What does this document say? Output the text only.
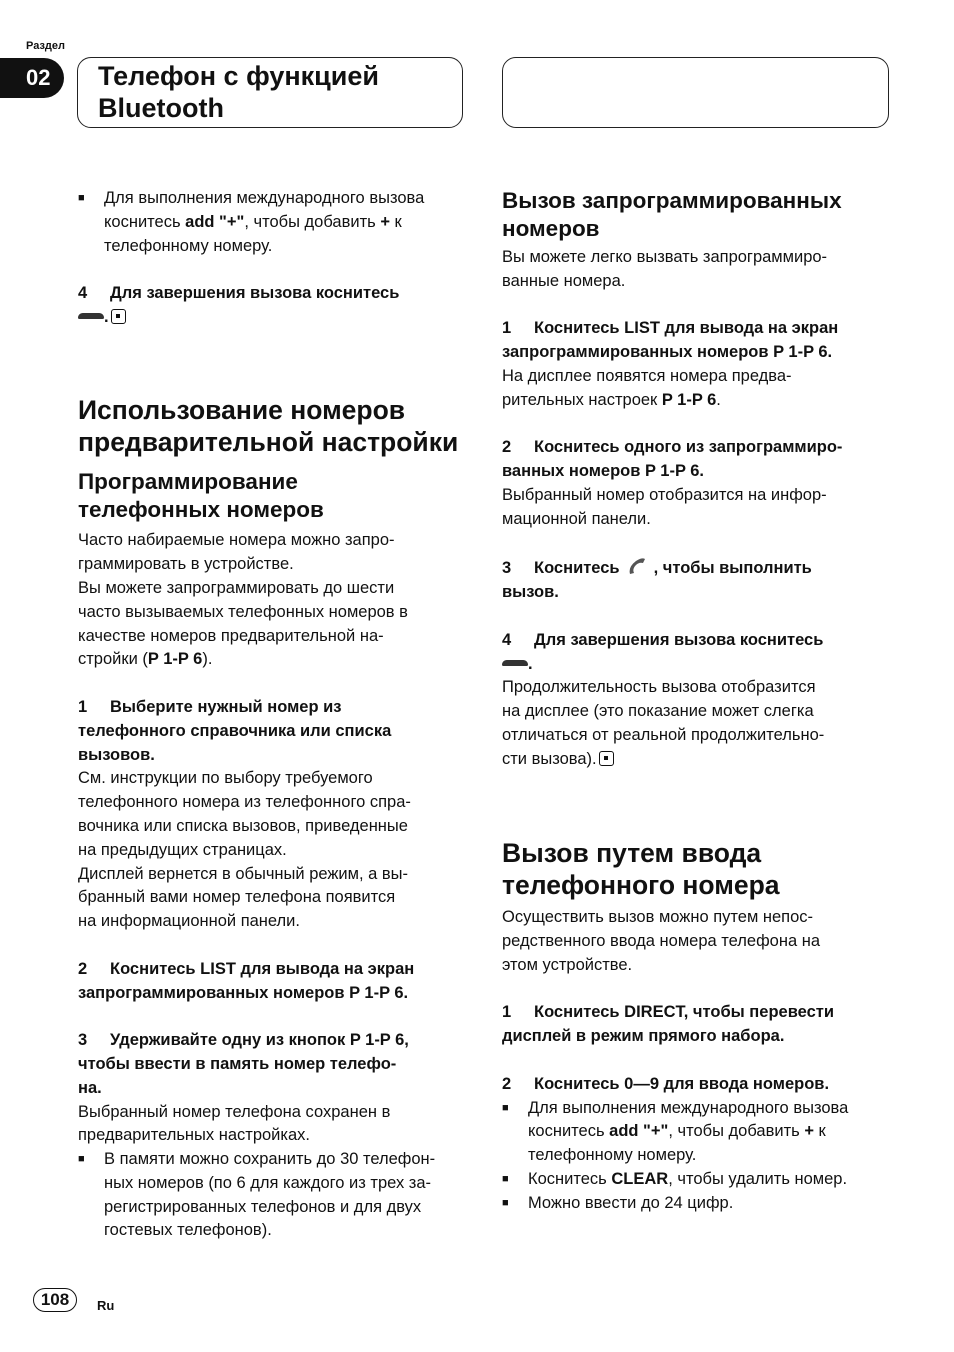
Раздел
02	Телефон с функцией
Bluetooth

■ Для выполнения международного вызова
коснитесь add "+", чтобы добавить + к
телефонному номеру.

4 Для завершения вызова коснитесь
.

Использование номеров
предварительной настройки
Программирование
телефонных номеров

Часто набираемые номера можно запро-
граммировать в устройстве.
Вы можете запрограммировать до шести
часто вызываемых телефонных номеров в
качестве номеров предварительной на-
стройки (P 1-P 6).

1 Выберите нужный номер из
телефонного справочника или списка
вызовов.

См. инструкции по выбору требуемого
телефонного номера из телефонного спра-
вочника или списка вызовов, приведенные
на предыдущих страницах.
Дисплей вернется в обычный режим, а вы-
бранный вами номер телефона появится
на информационной панели.

2 Коснитесь LIST для вывода на экран
запрограммированных номеров P 1-P 6.

3 Удерживайте одну из кнопок P 1-P 6,
чтобы ввести в память номер телефо-
на.

Выбранный номер телефона сохранен в
предварительных настройках.

■ В памяти можно сохранить до 30 телефон-
ных номеров (по 6 для каждого из трех за-
регистрированных телефонов и для двух
гостевых телефонов).

Вызов запрограммированных
номеров

Вы можете легко вызвать запрограммиро-
ванные номера.

1 Коснитесь LIST для вывода на экран
запрограммированных номеров P 1-P 6.

На дисплее появятся номера предва-
рительных настроек P 1-P 6.

2 Коснитесь одного из запрограммиро-
ванных номеров P 1-P 6.

Выбранный номер отобразится на инфор-
мационной панели.

3 Коснитесь , чтобы выполнить
вызов.

4 Для завершения вызова коснитесь
.

Продолжительность вызова отобразится
на дисплее (это показание может слегка
отличаться от реальной продолжительно-
сти вызова).

Вызов путем ввода
телефонного номера

Осуществить вызов можно путем непос-
редственного ввода номера телефона на
этом устройстве.

1 Коснитесь DIRECT, чтобы перевести
дисплей в режим прямого набора.

2 Коснитесь 0—9 для ввода номеров.

■ Для выполнения международного вызова
коснитесь add "+", чтобы добавить + к
телефонному номеру.

■ Коснитесь CLEAR, чтобы удалить номер.

■ Можно ввести до 24 цифр.

108	Ru
